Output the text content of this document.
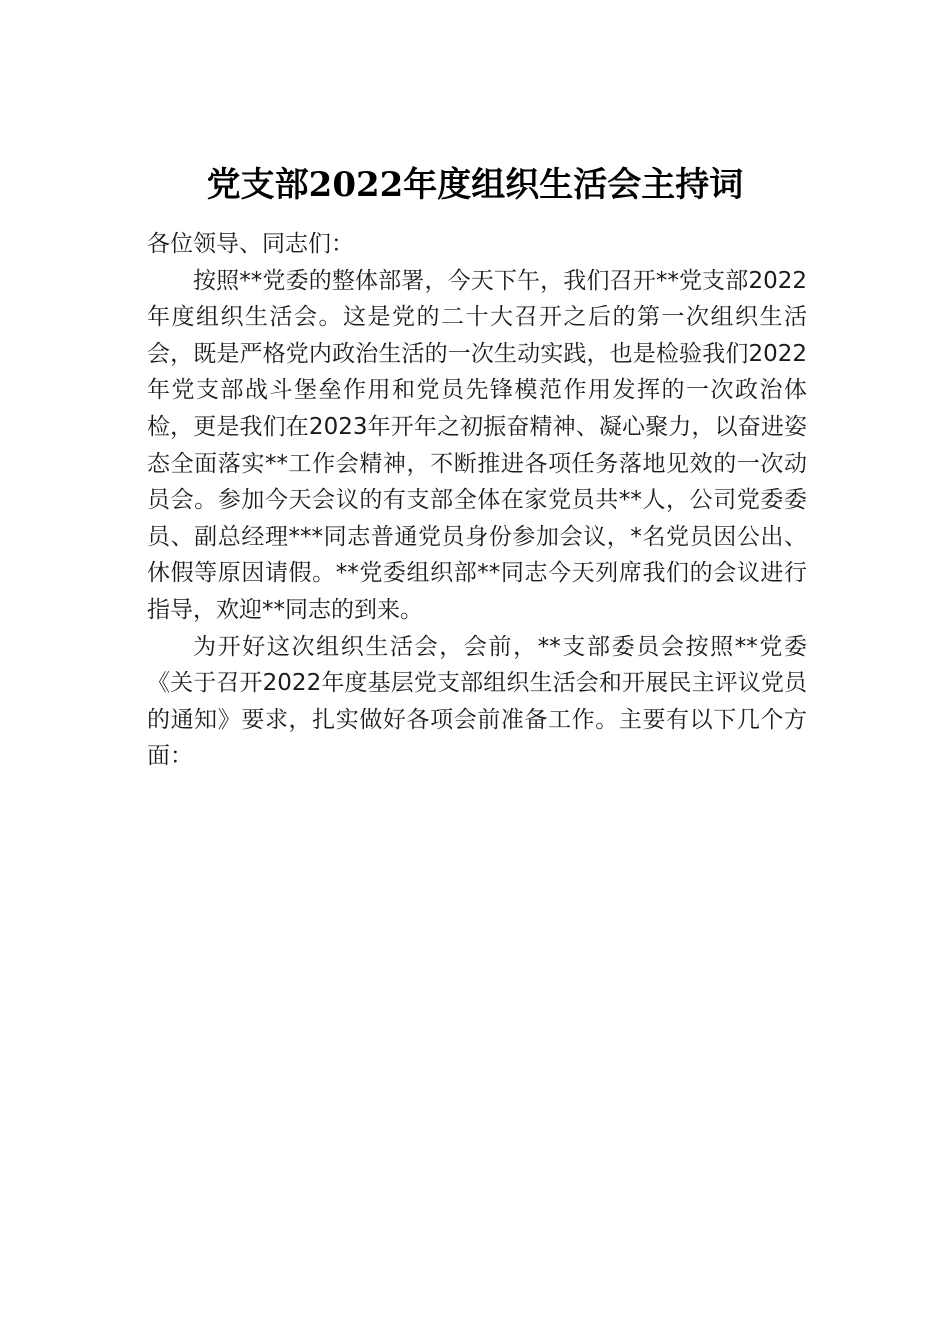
党支部2022年度组织生活会主持词

各位领导、同志们：

按照**党委的整体部署，今天下午，我们召开**党支部2022年度组织生活会。这是党的二十大召开之后的第一次组织生活会，既是严格党内政治生活的一次生动实践，也是检验我们2022年党支部战斗堡垒作用和党员先锋模范作用发挥的一次政治体检，更是我们在2023年开年之初振奋精神、凝心聚力，以奋进姿态全面落实**工作会精神，不断推进各项任务落地见效的一次动员会。参加今天会议的有支部全体在家党员共**人，公司党委委员、副总经理***同志普通党员身份参加会议，*名党员因公出、休假等原因请假。**党委组织部**同志今天列席我们的会议进行指导，欢迎**同志的到来。

为开好这次组织生活会，会前，**支部委员会按照**党委《关于召开2022年度基层党支部组织生活会和开展民主评议党员的通知》要求，扎实做好各项会前准备工作。主要有以下几个方面：
